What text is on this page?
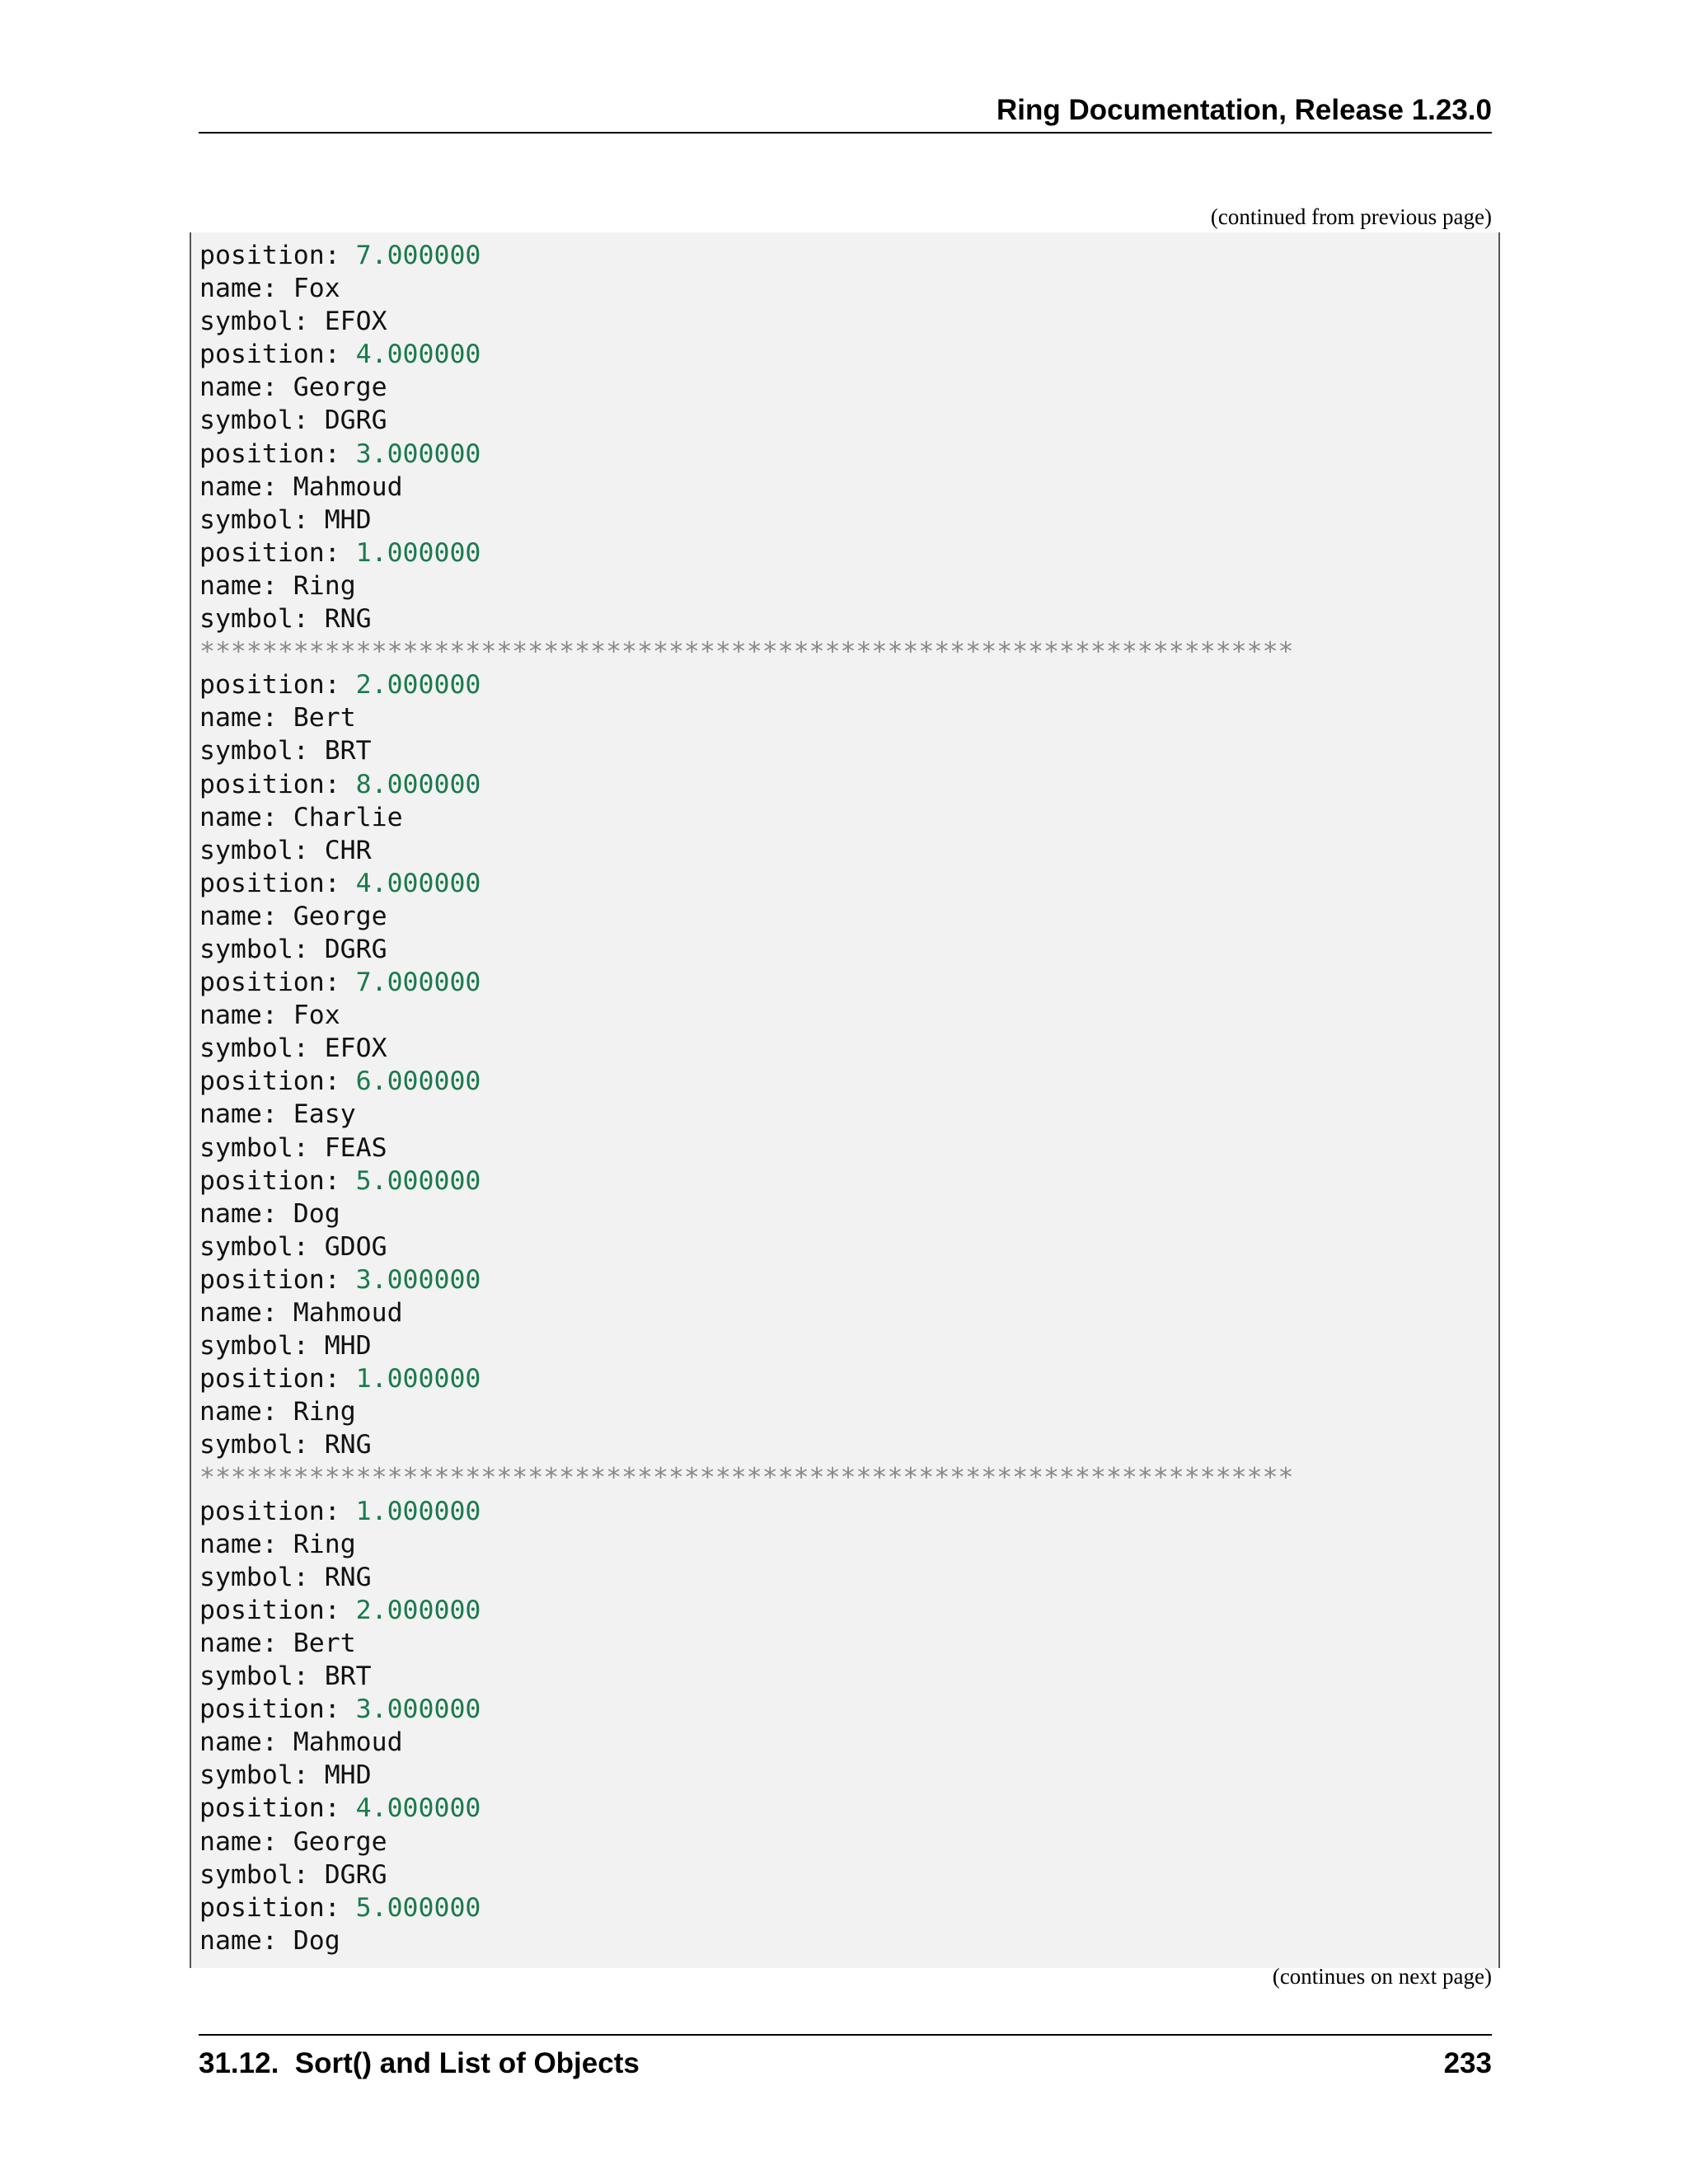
Ring Documentation, Release 1.23.0
(continued from previous page)
position: 7.000000
name: Fox
symbol: EFOX
position: 4.000000
name: George
symbol: DGRG
position: 3.000000
name: Mahmoud
symbol: MHD
position: 1.000000
name: Ring
symbol: RNG
**********************************************************************
position: 2.000000
name: Bert
symbol: BRT
position: 8.000000
name: Charlie
symbol: CHR
position: 4.000000
name: George
symbol: DGRG
position: 7.000000
name: Fox
symbol: EFOX
position: 6.000000
name: Easy
symbol: FEAS
position: 5.000000
name: Dog
symbol: GDOG
position: 3.000000
name: Mahmoud
symbol: MHD
position: 1.000000
name: Ring
symbol: RNG
**********************************************************************
position: 1.000000
name: Ring
symbol: RNG
position: 2.000000
name: Bert
symbol: BRT
position: 3.000000
name: Mahmoud
symbol: MHD
position: 4.000000
name: George
symbol: DGRG
position: 5.000000
name: Dog
(continues on next page)
31.12.  Sort() and List of Objects	233
